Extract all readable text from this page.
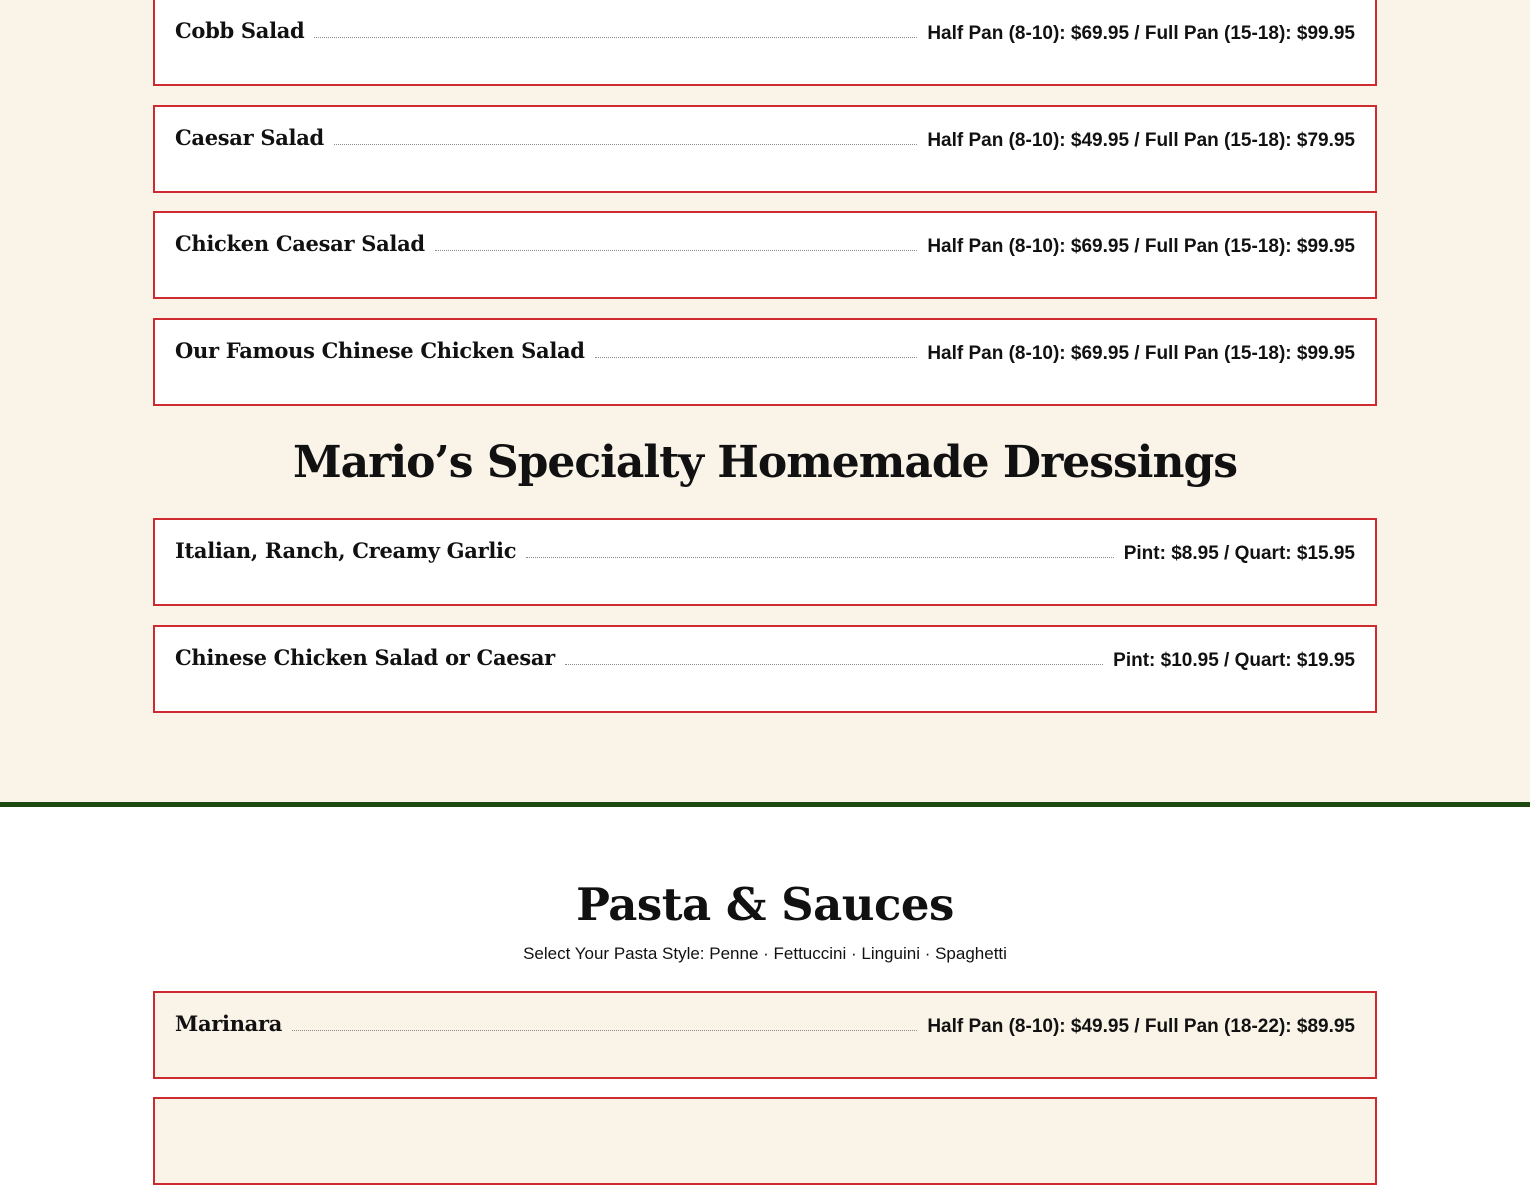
Cobb Salad	Half Pan (8-10): $69.95 / Full Pan (15-18): $99.95
Caesar Salad	Half Pan (8-10): $49.95 / Full Pan (15-18): $79.95
Chicken Caesar Salad	Half Pan (8-10): $69.95 / Full Pan (15-18): $99.95
Our Famous Chinese Chicken Salad	Half Pan (8-10): $69.95 / Full Pan (15-18): $99.95
Mario’s Specialty Homemade Dressings
Italian, Ranch, Creamy Garlic	Pint: $8.95 / Quart: $15.95
Chinese Chicken Salad or Caesar	Pint: $10.95 / Quart: $19.95
Pasta & Sauces
Select Your Pasta Style: Penne · Fettuccini · Linguini · Spaghetti
Marinara	Half Pan (8-10): $49.95 / Full Pan (18-22): $89.95
